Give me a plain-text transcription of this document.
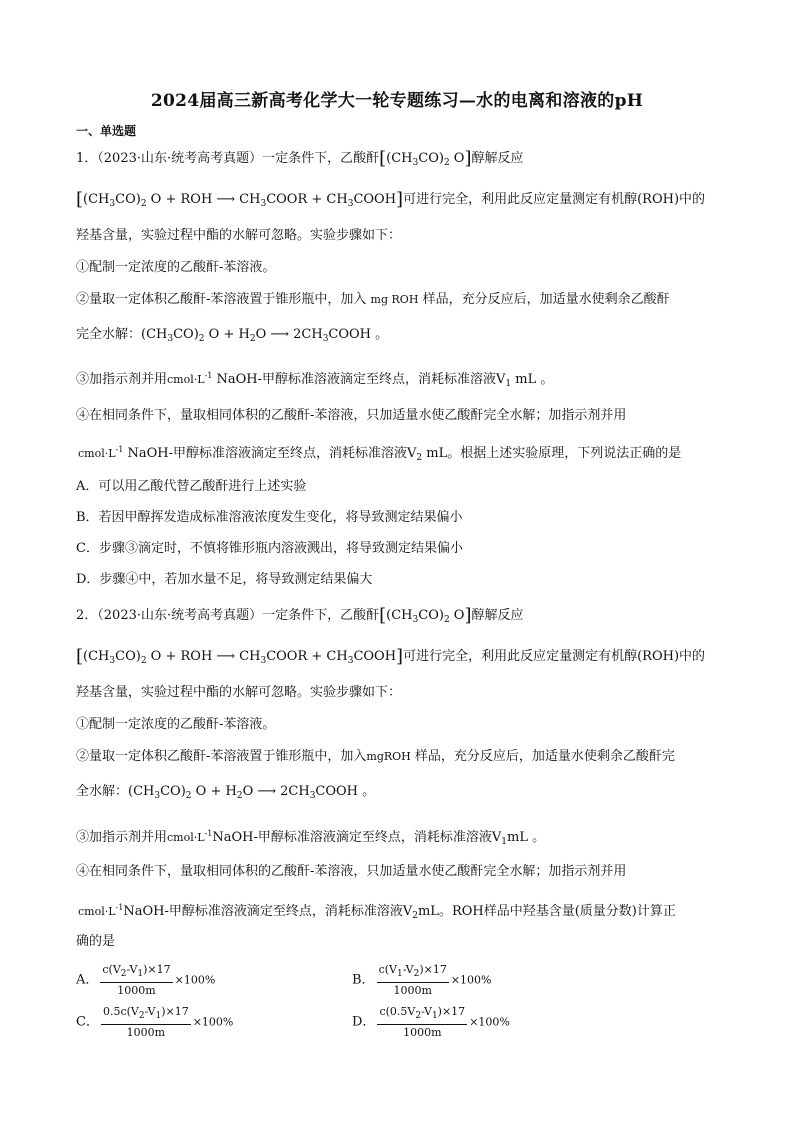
2024届高三新高考化学大一轮专题练习—水的电离和溶液的pH
一、单选题
1．（2023·山东·统考高考真题）一定条件下，乙酸酐[$(CH_3CO)_2$ O]醇解反应
[$(CH_3CO)_2$ O + ROH ⟶ $CH_3COOR$ + $CH_3COOH$]可进行完全，利用此反应定量测定有机醇(ROH)中的
羟基含量，实验过程中酯的水解可忽略。实验步骤如下：
①配制一定浓度的乙酸酐-苯溶液。
②量取一定体积乙酸酐-苯溶液置于锥形瓶中，加入 mg ROH 样品，充分反应后，加适量水使剩余乙酸酐
完全水解：$(CH_3CO)_2$ $O + H_2O$ ⟶ $2CH_3COOH$ 。
③加指示剂并用$cmol\cdot L^{-1}$ NaOH-甲醇标准溶液滴定至终点，消耗标准溶液$V_1$ mL 。
④在相同条件下，量取相同体积的乙酸酐-苯溶液，只加适量水使乙酸酐完全水解；加指示剂并用
$cmol\cdot L^{-1}$ NaOH-甲醇标准溶液滴定至终点，消耗标准溶液$V_2$ mL。根据上述实验原理，下列说法正确的是
A．可以用乙酸代替乙酸酐进行上述实验
B．若因甲醇挥发造成标准溶液浓度发生变化，将导致测定结果偏小
C．步骤③滴定时，不慎将锥形瓶内溶液溅出，将导致测定结果偏小
D．步骤④中，若加水量不足，将导致测定结果偏大
2．（2023·山东·统考高考真题）一定条件下，乙酸酐[$(CH_3CO)_2$ O]醇解反应
[$(CH_3CO)_2$ O + ROH ⟶ $CH_3COOR$ + $CH_3COOH$]可进行完全，利用此反应定量测定有机醇(ROH)中的
羟基含量，实验过程中酯的水解可忽略。实验步骤如下：
①配制一定浓度的乙酸酐-苯溶液。
②量取一定体积乙酸酐-苯溶液置于锥形瓶中，加入mgROH 样品，充分反应后，加适量水使剩余乙酸酐完
全水解：$(CH_3CO)_2$ $O + H_2O$ ⟶ $2CH_3COOH$ 。
③加指示剂并用$cmol\cdot L^{-1}NaOH-$甲醇标准溶液滴定至终点，消耗标准溶液$V_1mL$ 。
④在相同条件下，量取相同体积的乙酸酐-苯溶液，只加适量水使乙酸酐完全水解；加指示剂并用
$cmol\cdot L^{-1}NaOH-$甲醇标准溶液滴定至终点，消耗标准溶液$V_2mL$。ROH样品中羟基含量(质量分数)计算正
确的是
A． $\frac{c(V_2-V_1)\times 17}{1000m} \times 100\%$	B． $\frac{c(V_1-V_2)\times 17}{1000m} \times 100\%$
C． $\frac{0.5c(V_2-V_1)\times 17}{1000m} \times 100\%$	D． $\frac{c(0.5V_2-V_1)\times 17}{1000m} \times 100\%$
